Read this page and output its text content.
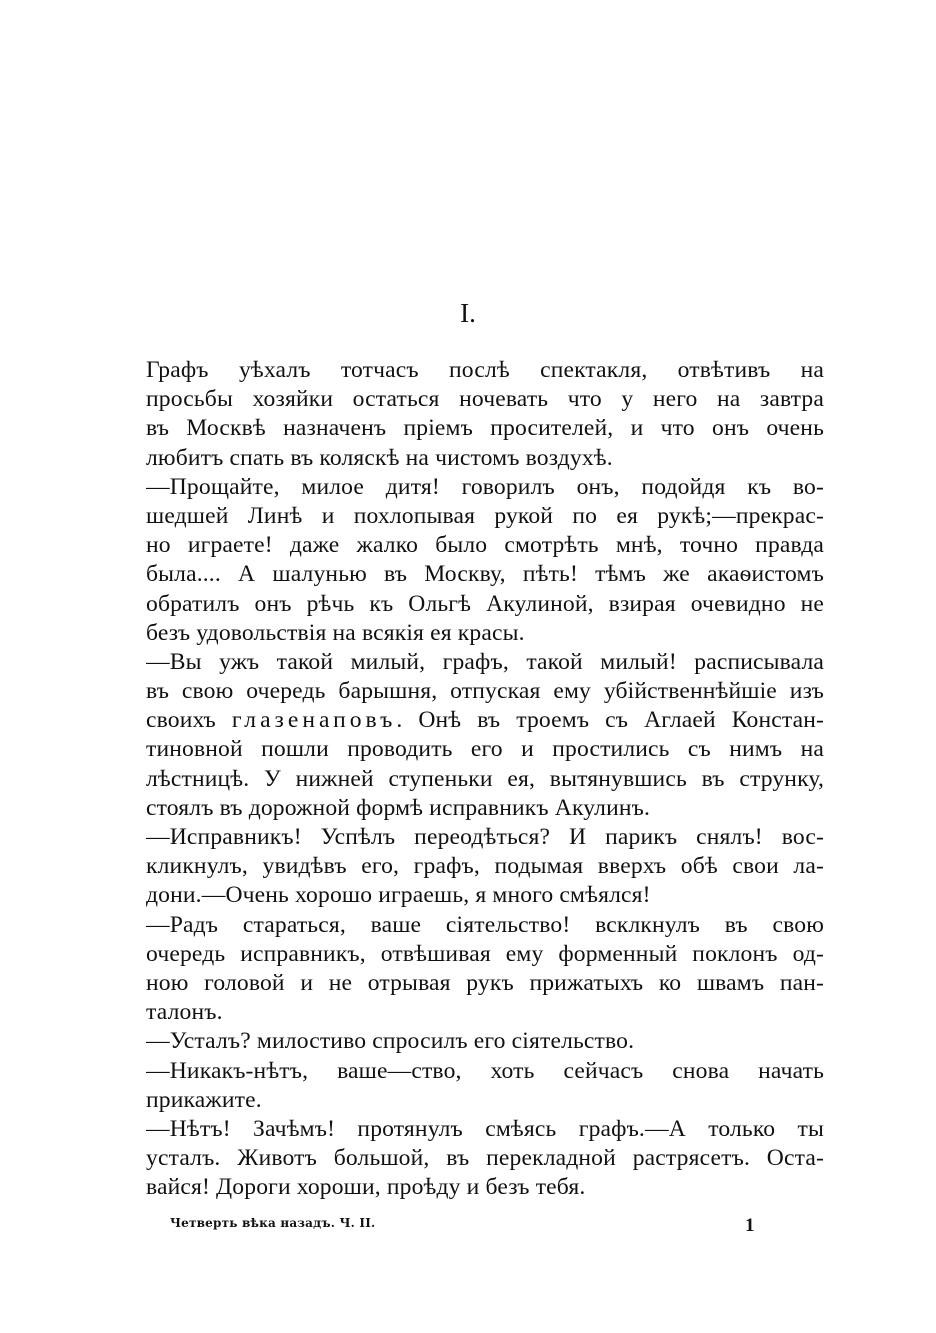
I.
Графъ уѣхалъ тотчасъ послѣ спектакля, отвѣтивъ на
просьбы хозяйки остаться ночевать что у него на завтра
въ Москвѣ назначенъ пріемъ просителей, и что онъ очень
любитъ спать въ коляскѣ на чистомъ воздухѣ.
—Прощайте, милое дитя! говорилъ онъ, подойдя къ во-
шедшей Линѣ и похлопывая рукой по ея рукѣ;—прекрас-
но играете! даже жалко было смотрѣть мнѣ, точно правда
была.... А шалунью въ Москву, пѣть! тѣмъ же акаѳистомъ
обратилъ онъ рѣчь къ Ольгѣ Акулиной, взирая очевидно не
безъ удовольствія на всякія ея красы.
—Вы ужъ такой милый, графъ, такой милый! расписывала
въ свою очередь барышня, отпуская ему убійственнѣйшіе изъ
своихъ глазенаповъ. Онѣ въ троемъ съ Аглаей Констан-
тиновной пошли проводить его и простились съ нимъ на
лѣстницѣ. У нижней ступеньки ея, вытянувшись въ струнку,
стоялъ въ дорожной формѣ исправникъ Акулинъ.
—Исправникъ! Успѣлъ переодѣться? И парикъ снялъ! вос-
кликнулъ, увидѣвъ его, графъ, подымая вверхъ обѣ свои ла-
дони.—Очень хорошо играешь, я много смѣялся!
—Радъ стараться, ваше сіятельство! всклкнулъ въ свою
очередь исправникъ, отвѣшивая ему форменный поклонъ од-
ною головой и не отрывая рукъ прижатыхъ ко швамъ пан-
талонъ.
—Усталъ? милостиво спросилъ его сіятельство.
—Никакъ-нѣтъ, ваше—ство, хоть сейчасъ снова начать
прикажите.
—Нѣтъ! Зачѣмъ! протянулъ смѣясь графъ.—А только ты
усталъ. Животъ большой, въ перекладной растрясетъ. Оста-
вайся! Дороги хороши, проѣду и безъ тебя.
Четверть вѣка назадъ. Ч. II.	1
